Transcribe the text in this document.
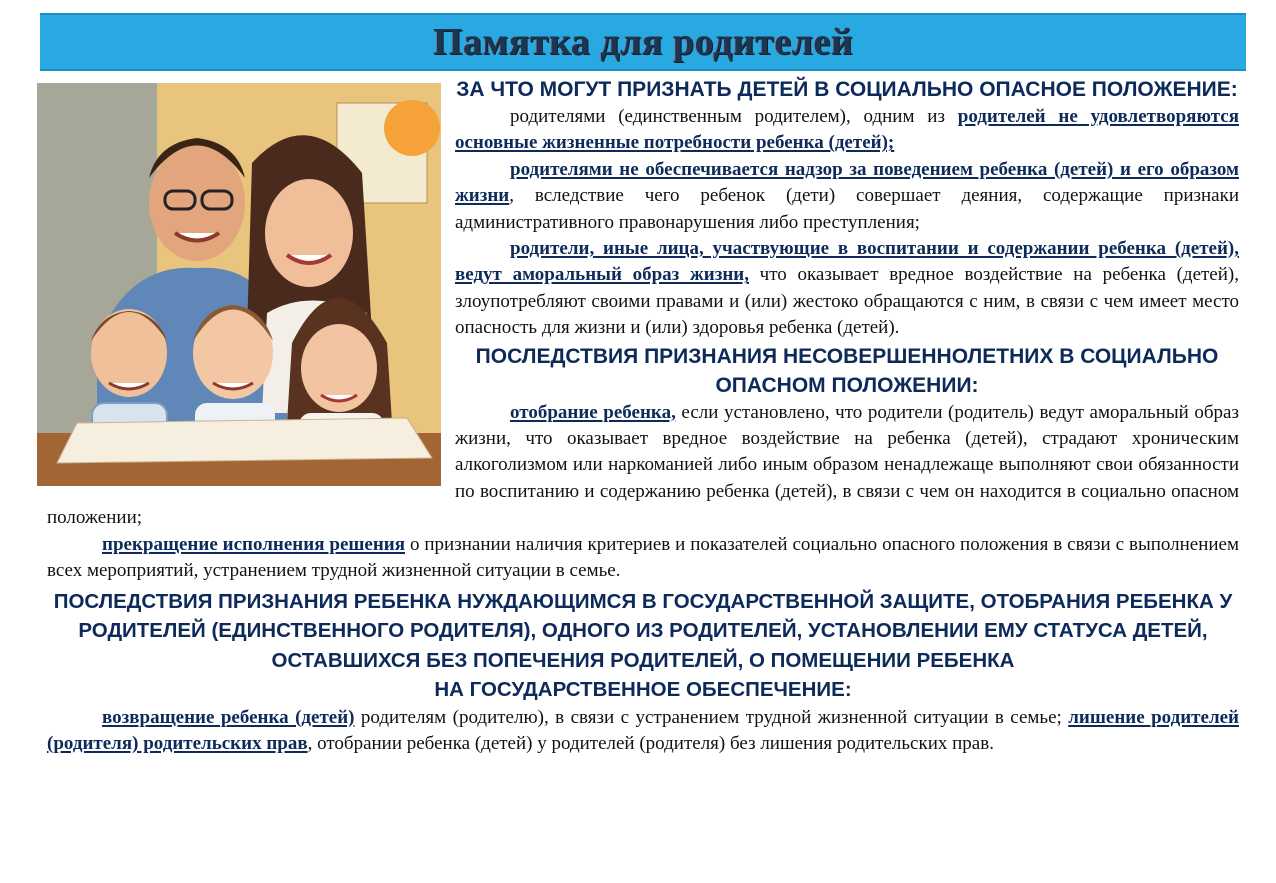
Памятка для родителей
ЗА ЧТО МОГУТ ПРИЗНАТЬ ДЕТЕЙ В СОЦИАЛЬНО ОПАСНОЕ ПОЛОЖЕНИЕ:

родителями (единственным родителем), одним из родителей не удовлетворяются основные жизненные потребности ребенка (детей);

родителями не обеспечивается надзор за поведением ребенка (детей) и его образом жизни, вследствие чего ребенок (дети) совершает деяния, содержащие признаки административного правонарушения либо преступления;

родители, иные лица, участвующие в воспитании и содержании ребенка (детей), ведут аморальный образ жизни, что оказывает вредное воздействие на ребенка (детей), злоупотребляют своими правами и (или) жестоко обращаются с ним, в связи с чем имеет место опасность для жизни и (или) здоровья ребенка (детей).

ПОСЛЕДСТВИЯ ПРИЗНАНИЯ НЕСОВЕРШЕННОЛЕТНИХ В СОЦИАЛЬНО ОПАСНОМ ПОЛОЖЕНИИ:

отобрание ребенка, если установлено, что родители (родитель) ведут аморальный образ жизни, что оказывает вредное воздействие на ребенка (детей), страдают хроническим алкоголизмом или наркоманией либо иным образом ненадлежаще выполняют свои обязанности по воспитанию и содержанию ребенка (детей), в связи с чем он находится в социально опасном положении;

прекращение исполнения решения о признании наличия критериев и показателей социально опасного положения в связи с выполнением всех мероприятий, устранением трудной жизненной ситуации в семье.

ПОСЛЕДСТВИЯ ПРИЗНАНИЯ РЕБЕНКА НУЖДАЮЩИМСЯ В ГОСУДАРСТВЕННОЙ ЗАЩИТЕ, ОТОБРАНИЯ РЕБЕНКА У РОДИТЕЛЕЙ (ЕДИНСТВЕННОГО РОДИТЕЛЯ), ОДНОГО ИЗ РОДИТЕЛЕЙ, УСТАНОВЛЕНИИ ЕМУ СТАТУСА ДЕТЕЙ, ОСТАВШИХСЯ БЕЗ ПОПЕЧЕНИЯ РОДИТЕЛЕЙ, О ПОМЕЩЕНИИ РЕБЕНКА
НА ГОСУДАРСТВЕННОЕ ОБЕСПЕЧЕНИЕ:

возвращение ребенка (детей) родителям (родителю), в связи с устранением трудной жизненной ситуации в семье; лишение родителей (родителя) родительских прав, отобрании ребенка (детей) у родителей (родителя) без лишения родительских прав.
